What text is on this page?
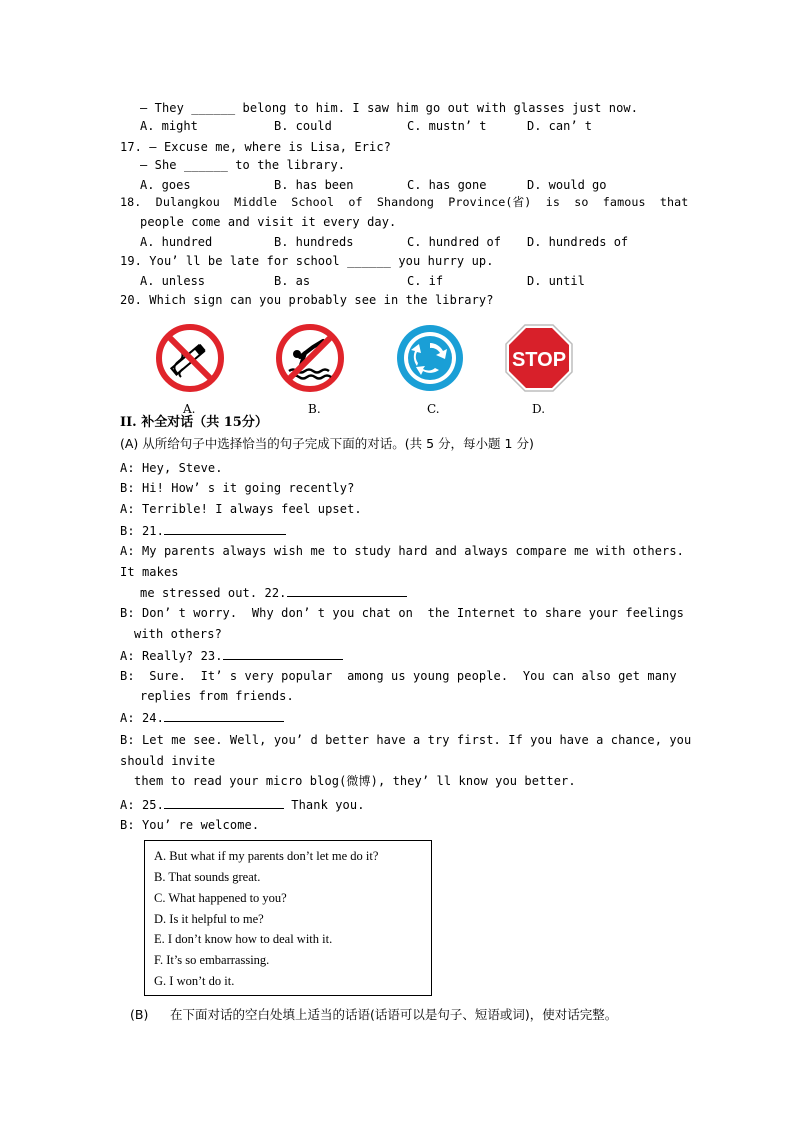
– They ______ belong to him. I saw him go out with glasses just now.
A. might	B. could	C. mustn’ t	D. can’ t
17. – Excuse me, where is Lisa, Eric?
– She ______ to the library.
A. goes	B. has been	C. has gone	D. would go
18.  Dulangkou  Middle  School  of  Shandong  Province(省)  is  so  famous  that
people come and visit it every day.
A. hundred	B. hundreds	C. hundred of D. hundreds of
19. You’ ll be late for school ______ you hurry up.
A. unless	B. as	C. if	D. until
20. Which sign can you probably see in the library?
STOP
A.	B.	C.	D.
II. 补全对话（共 15分）
(A) 从所给句子中选择恰当的句子完成下面的对话。(共 5 分，每小题 1 分)
A: Hey, Steve.
B: Hi! How’ s it going recently?
A: Terrible! I always feel upset.
B: 21.
A: My parents always wish me to study hard and always compare me with others.
It makes
me stressed out. 22.
B: Don’ t worry.  Why don’ t you chat on  the Internet to share your feelings
with others?
A: Really? 23.
B:  Sure.  It’ s very popular  among us young people.  You can also get many
replies from friends.
A: 24.
B: Let me see. Well, you’ d better have a try first. If you have a chance, you
should invite
them to read your micro blog(微博), they’ ll know you better.
A: 25.	Thank you.
B: You’ re welcome.
A. But what if my parents don’t let me do it?
B. That sounds great.
C. What happened to you?
D. Is it helpful to me?
E. I don’t know how to deal with it.
F. It’s so embarrassing.
G. I won’t do it.
(B) 在下面对话的空白处填上适当的话语(话语可以是句子、短语或词)，使对话完整。
